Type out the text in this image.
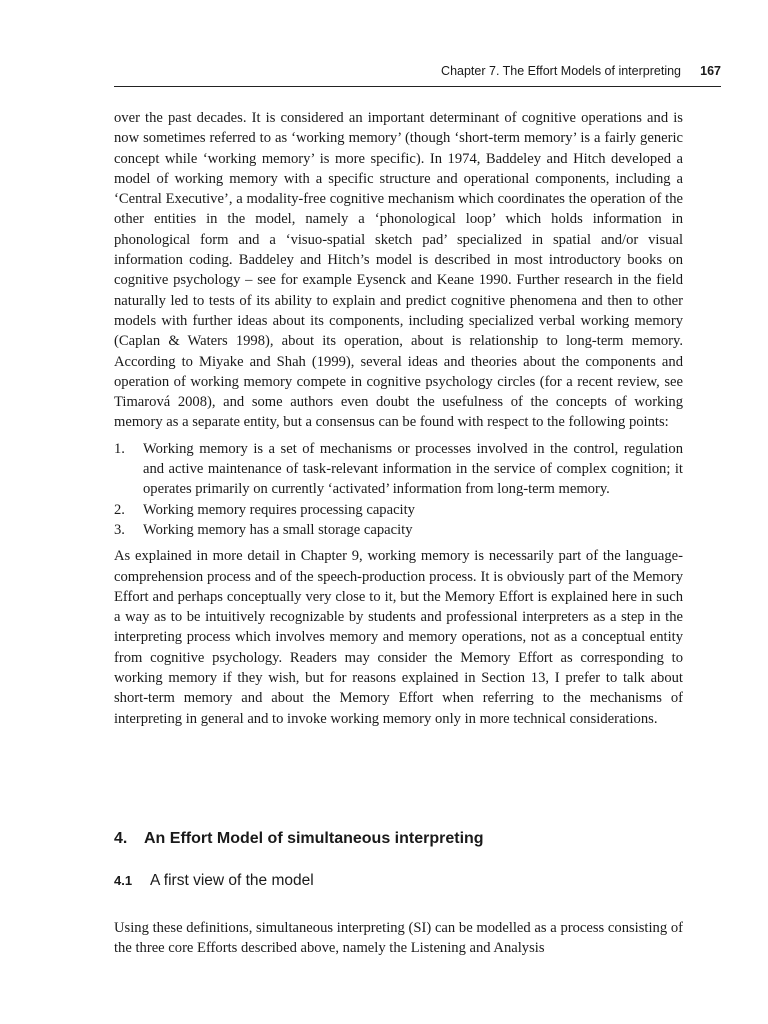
Chapter 7. The Effort Models of interpreting 167

over the past decades. It is considered an important determinant of cognitive operations and is now sometimes referred to as ‘working memory’ (though ‘short-term memory’ is a fairly generic concept while ‘working memory’ is more specific). In 1974, Baddeley and Hitch developed a model of working memory with a specific structure and operational components, including a ‘Central Executive’, a modality-free cognitive mechanism which coordinates the operation of the other entities in the model, namely a ‘phonological loop’ which holds information in phonological form and a ‘visuo-spatial sketch pad’ specialized in spatial and/or visual information coding. Baddeley and Hitch’s model is described in most introductory books on cognitive psychology – see for example Eysenck and Keane 1990. Further research in the field naturally led to tests of its ability to explain and predict cognitive phenomena and then to other models with further ideas about its components, including specialized verbal working memory (Caplan & Waters 1998), about its operation, about is relationship to long-term memory. According to Miyake and Shah (1999), several ideas and theories about the components and operation of working memory compete in cognitive psychology circles (for a recent review, see Timarová 2008), and some authors even doubt the usefulness of the concepts of working memory as a separate entity, but a consensus can be found with respect to the following points:

1. Working memory is a set of mechanisms or processes involved in the control, regulation and active maintenance of task-relevant information in the service of complex cognition; it operates primarily on currently ‘activated’ information from long-term memory.
2. Working memory requires processing capacity
3. Working memory has a small storage capacity

As explained in more detail in Chapter 9, working memory is necessarily part of the language-comprehension process and of the speech-production process. It is obviously part of the Memory Effort and perhaps conceptually very close to it, but the Memory Effort is explained here in such a way as to be intuitively recognizable by students and professional interpreters as a step in the interpreting process which involves memory and memory operations, not as a conceptual entity from cognitive psychology. Readers may consider the Memory Effort as corresponding to working memory if they wish, but for reasons explained in Section 13, I prefer to talk about short-term memory and about the Memory Effort when referring to the mechanisms of interpreting in general and to invoke working memory only in more technical considerations.

4. An Effort Model of simultaneous interpreting
4.1 A first view of the model

Using these definitions, simultaneous interpreting (SI) can be modelled as a process consisting of the three core Efforts described above, namely the Listening and Analysis
